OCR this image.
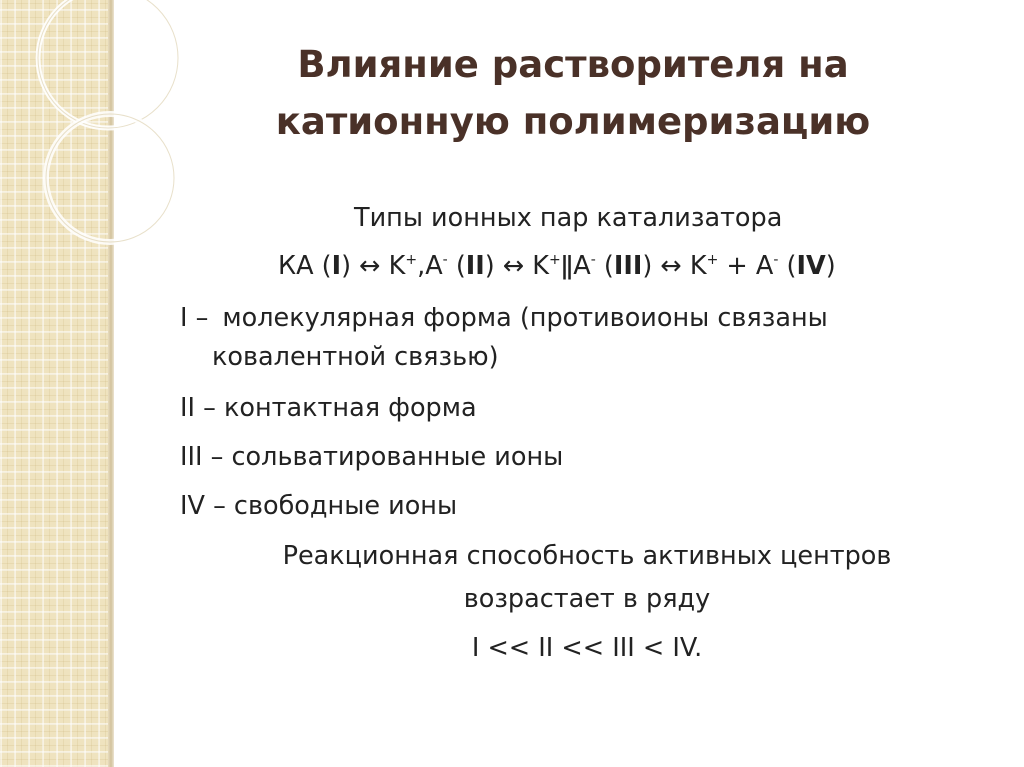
Влияние растворителя на
катионную полимеризацию

Типы ионных пар катализатора

КА (I) ↔ K+,A- (II) ↔ K+ǁA- (III) ↔ K+ + A- (IV)

I – молекулярная форма (противоионы связаны

ковалентной связью)

II – контактная форма

III – сольватированные ионы

IV – свободные ионы

Реакционная способность активных центров

возрастает в ряду

I << II << III < IV.
